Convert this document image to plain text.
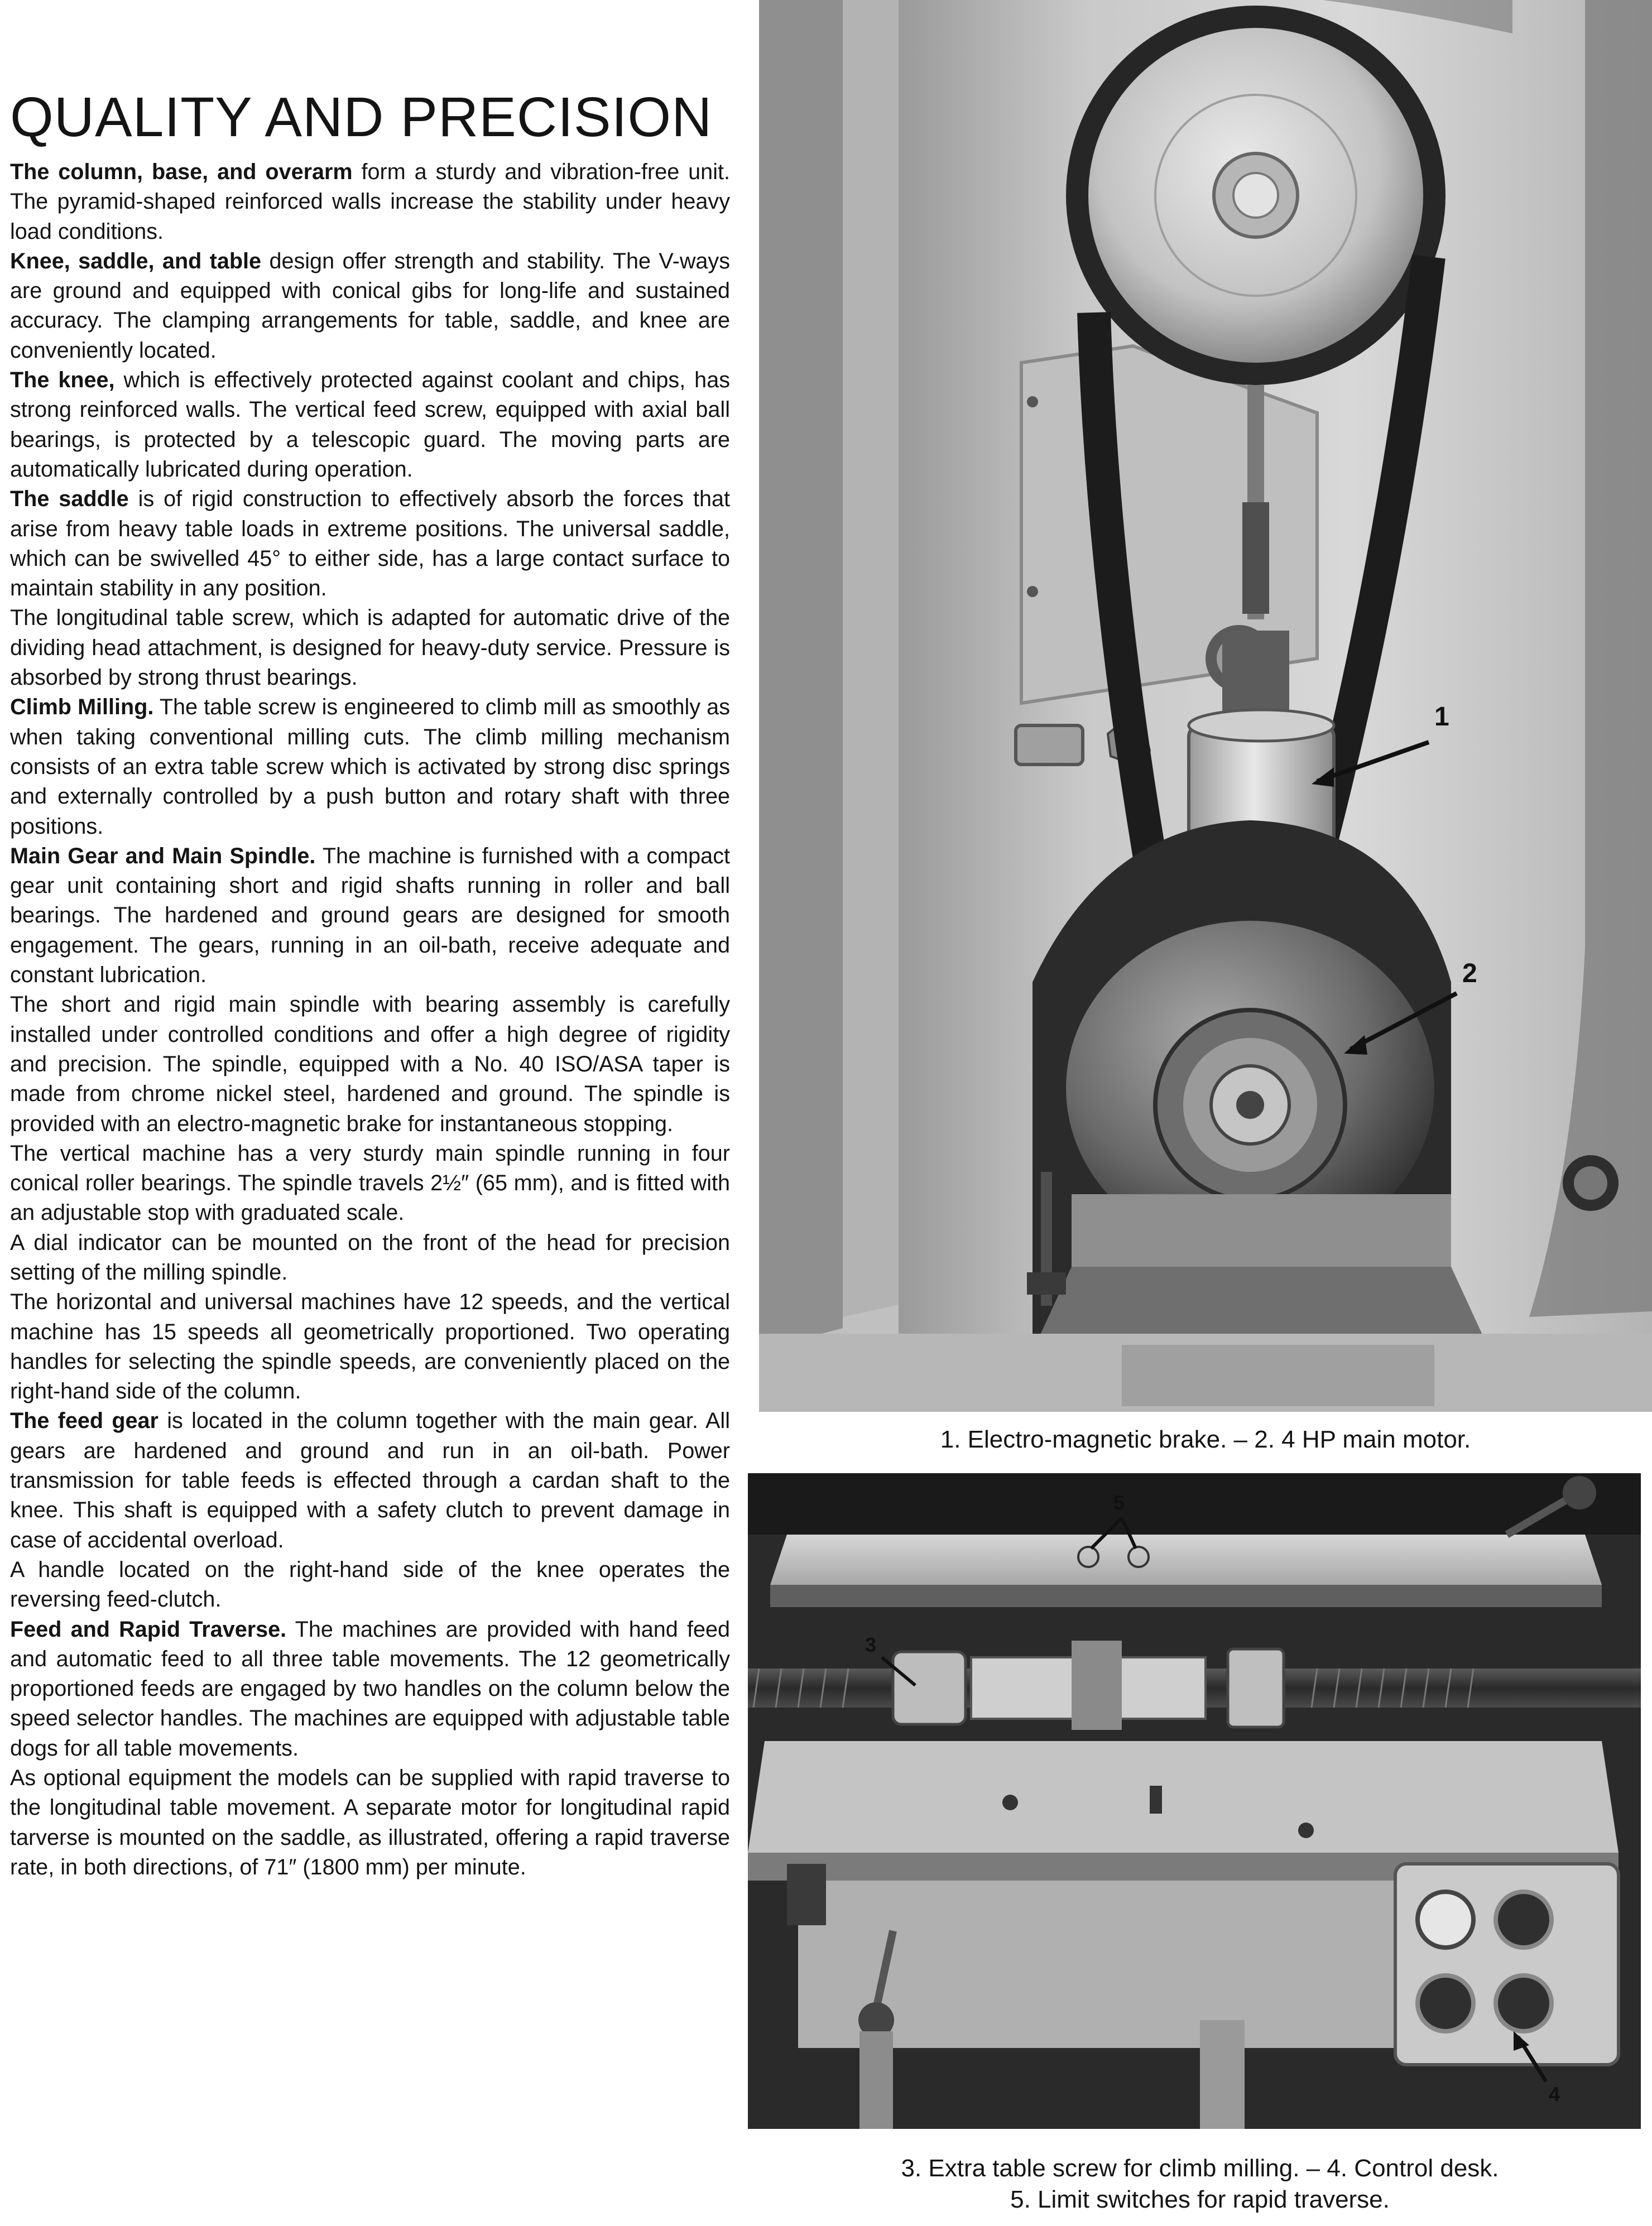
QUALITY AND PRECISION

The column, base, and overarm form a sturdy and vibration-free unit. The pyramid-shaped reinforced walls increase the stability under heavy load conditions.

Knee, saddle, and table design offer strength and stability. The V-ways are ground and equipped with conical gibs for long-life and sustained accuracy. The clamping arrangements for table, saddle, and knee are conveniently located.

The knee, which is effectively protected against coolant and chips, has strong reinforced walls. The vertical feed screw, equipped with axial ball bearings, is protected by a telescopic guard. The moving parts are automatically lubricated during operation.

The saddle is of rigid construction to effectively absorb the forces that arise from heavy table loads in extreme positions. The universal saddle, which can be swivelled 45° to either side, has a large contact surface to maintain stability in any position.

The longitudinal table screw, which is adapted for automatic drive of the dividing head attachment, is designed for heavy-duty service. Pressure is absorbed by strong thrust bearings.

Climb Milling. The table screw is engineered to climb mill as smoothly as when taking conventional milling cuts. The climb milling mechanism consists of an extra table screw which is activated by strong disc springs and externally controlled by a push button and rotary shaft with three positions.

Main Gear and Main Spindle. The machine is furnished with a compact gear unit containing short and rigid shafts running in roller and ball bearings. The hardened and ground gears are designed for smooth engagement. The gears, running in an oil-bath, receive adequate and constant lubrication.

The short and rigid main spindle with bearing assembly is carefully installed under controlled conditions and offer a high degree of rigidity and precision. The spindle, equipped with a No. 40 ISO/ASA taper is made from chrome nickel steel, hardened and ground. The spindle is provided with an electro-magnetic brake for instantaneous stopping.

The vertical machine has a very sturdy main spindle running in four conical roller bearings. The spindle travels 2½″ (65 mm), and is fitted with an adjustable stop with graduated scale.

A dial indicator can be mounted on the front of the head for precision setting of the milling spindle.

The horizontal and universal machines have 12 speeds, and the vertical machine has 15 speeds all geometrically proportioned. Two operating handles for selecting the spindle speeds, are conveniently placed on the right-hand side of the column.

The feed gear is located in the column together with the main gear. All gears are hardened and ground and run in an oil-bath. Power transmission for table feeds is effected through a cardan shaft to the knee. This shaft is equipped with a safety clutch to prevent damage in case of accidental overload.

A handle located on the right-hand side of the knee operates the reversing feed-clutch.

Feed and Rapid Traverse. The machines are provided with hand feed and automatic feed to all three table movements. The 12 geometrically proportioned feeds are engaged by two handles on the column below the speed selector handles. The machines are equipped with adjustable table dogs for all table movements.

As optional equipment the models can be supplied with rapid traverse to the longitudinal table movement. A separate motor for longitudinal rapid tarverse is mounted on the saddle, as illustrated, offering a rapid traverse rate, in both directions, of 71″ (1800 mm) per minute.

1
2
1. Electro-magnetic brake. – 2. 4 HP main motor.
5
3
4
3. Extra table screw for climb milling. – 4. Control desk.
5. Limit switches for rapid traverse.
